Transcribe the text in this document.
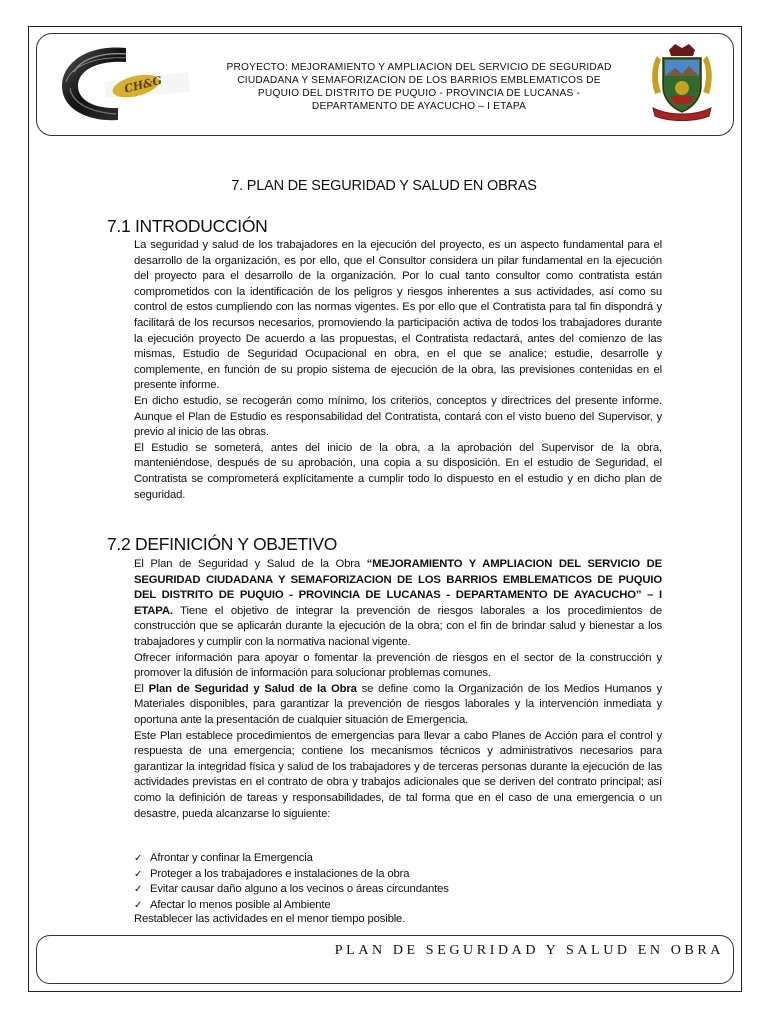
CH&G
PROYECTO: MEJORAMIENTO Y AMPLIACION DEL SERVICIO DE SEGURIDAD
CIUDADANA Y SEMAFORIZACION DE LOS BARRIOS EMBLEMATICOS DE
PUQUIO DEL DISTRITO DE PUQUIO - PROVINCIA DE LUCANAS -
DEPARTAMENTO DE AYACUCHO – I ETAPA
7. PLAN DE SEGURIDAD Y SALUD EN OBRAS
7.1 INTRODUCCIÓN

La seguridad y salud de los trabajadores en la ejecución del proyecto, es un aspecto fundamental para el desarrollo de la organización, es por ello, que el Consultor considera un pilar fundamental en la ejecución del proyecto para el desarrollo de la organización. Por lo cual tanto consultor como contratista están comprometidos con la identificación de los peligros y riesgos inherentes a sus actividades, así como su control de estos cumpliendo con las normas vigentes. Es por ello que el Contratista para tal fin dispondrá y facilitará de los recursos necesarios, promoviendo la participación activa de todos los trabajadores durante la ejecución proyecto De acuerdo a las propuestas, el Contratista redactará, antes del comienzo de las mismas, Estudio de Seguridad Ocupacional en obra, en el que se analice; estudie, desarrolle y complemente, en función de su propio sistema de ejecución de la obra, las previsiones contenidas en el presente informe.

En dicho estudio, se recogerán como mínimo, los criterios, conceptos y directrices del presente informe. Aunque el Plan de Estudio es responsabilidad del Contratista, contará con el visto bueno del Supervisor, y previo al inicio de las obras.

El Estudio se someterá, antes del inicio de la obra, a la aprobación del Supervisor de la obra, manteniéndose, después de su aprobación, una copia a su disposición. En el estudio de Seguridad, el Contratista se comprometerá explícitamente a cumplir todo lo dispuesto en el estudio y en dicho plan de seguridad.

7.2 DEFINICIÓN Y OBJETIVO

El Plan de Seguridad y Salud de la Obra “MEJORAMIENTO Y AMPLIACION DEL SERVICIO DE SEGURIDAD CIUDADANA Y SEMAFORIZACION DE LOS BARRIOS EMBLEMATICOS DE PUQUIO DEL DISTRITO DE PUQUIO - PROVINCIA DE LUCANAS - DEPARTAMENTO DE AYACUCHO” – I ETAPA. Tiene el objetivo de integrar la prevención de riesgos laborales a los procedimientos de construcción que se aplicarán durante la ejecución de la obra; con el fin de brindar salud y bienestar a los trabajadores y cumplir con la normativa nacional vigente.

Ofrecer información para apoyar o fomentar la prevención de riesgos en el sector de la construcción y promover la difusión de información para solucionar problemas comunes.

El Plan de Seguridad y Salud de la Obra se define como la Organización de los Medios Humanos y Materiales disponibles, para garantizar la prevención de riesgos laborales y la intervención inmediata y oportuna ante la presentación de cualquier situación de Emergencia.

Este Plan establece procedimientos de emergencias para llevar a cabo Planes de Acción para el control y respuesta de una emergencia; contiene los mecanismos técnicos y administrativos necesarios para garantizar la integridad física y salud de los trabajadores y de terceras personas durante la ejecución de las actividades previstas en el contrato de obra y trabajos adicionales que se deriven del contrato principal; así como la definición de tareas y responsabilidades, de tal forma que en el caso de una emergencia o un desastre, pueda alcanzarse lo siguiente:

✓ Afrontar y confinar la Emergencia
✓ Proteger a los trabajadores e instalaciones de la obra
✓ Evitar causar daño alguno a los vecinos o áreas circundantes
✓ Afectar lo menos posible al Ambiente
Restablecer las actividades en el menor tiempo posible.
PLAN DE SEGURIDAD Y SALUD EN OBRA
